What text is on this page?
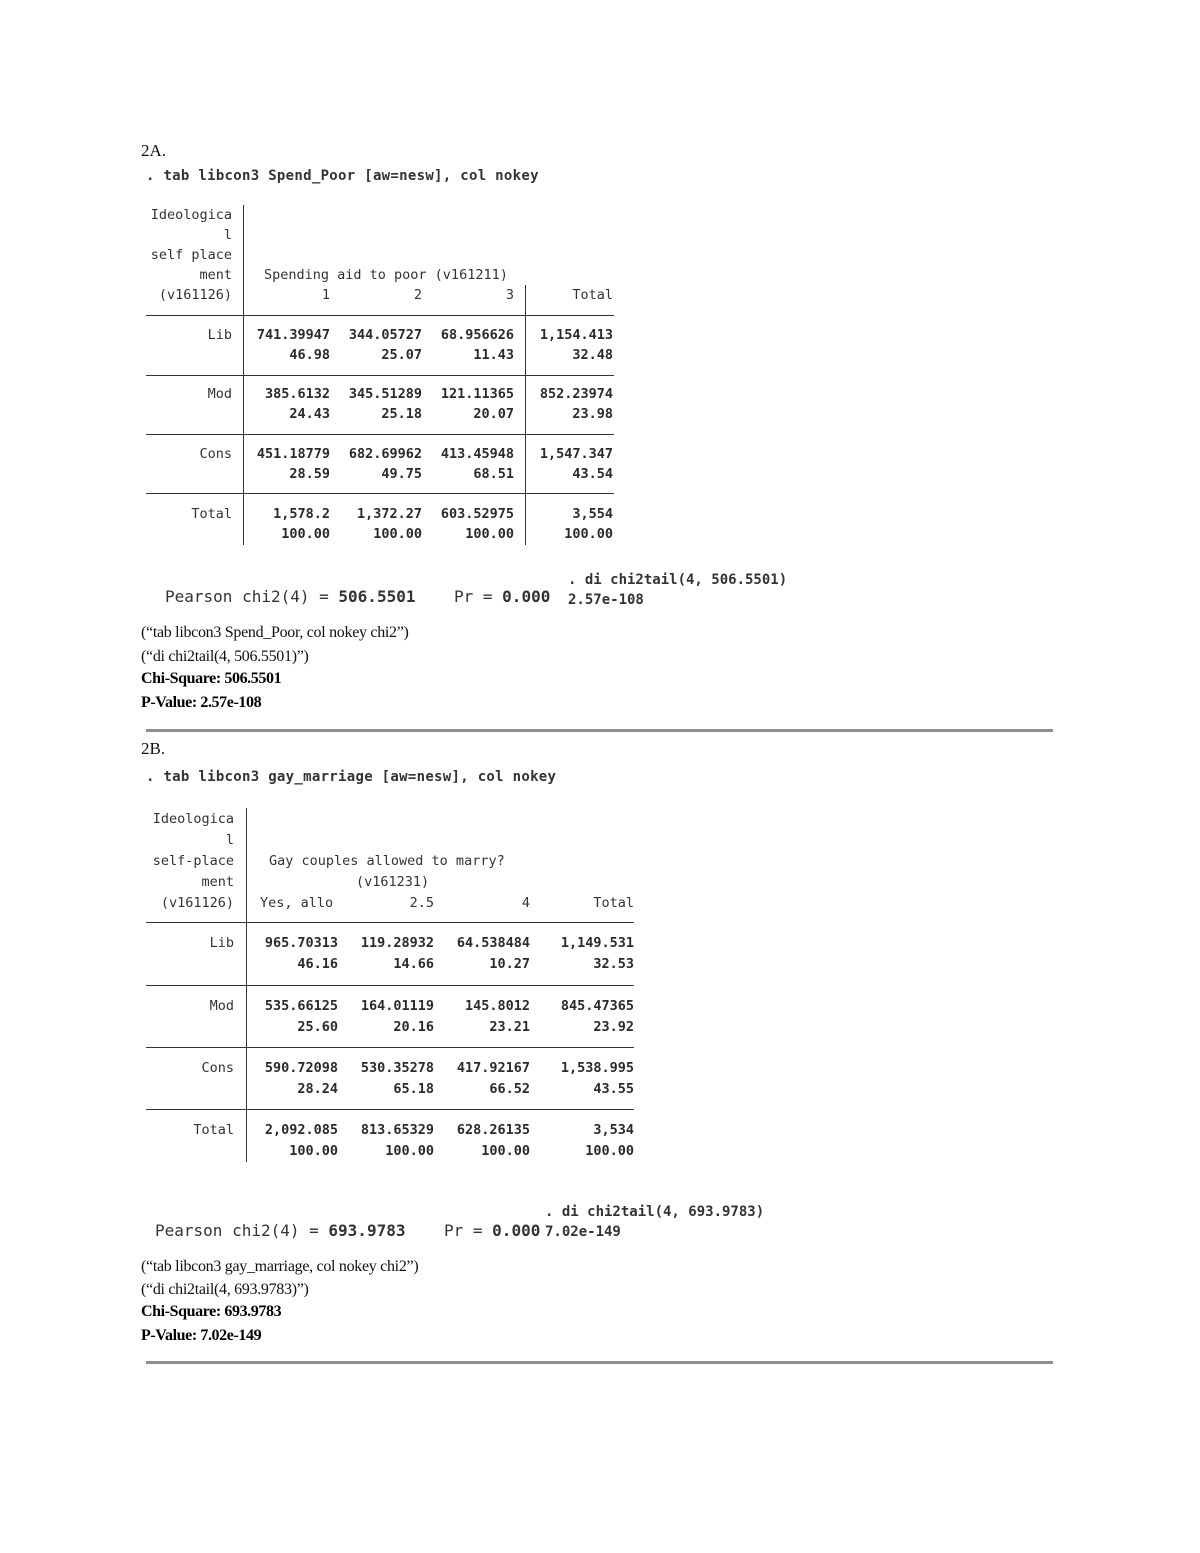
2A.
. tab libcon3 Spend_Poor [aw=nesw], col nokey
Ideologica
l
self place
ment
(v161126)
Spending aid to poor (v161211)
1	2	3	Total
Lib	741.39947	344.05727	68.956626	1,154.413
46.98	25.07	11.43	32.48
Mod	385.6132	345.51289	121.11365	852.23974
24.43	25.18	20.07	23.98
Cons	451.18779	682.69962	413.45948	1,547.347
28.59	49.75	68.51	43.54
Total	1,578.2	1,372.27	603.52975	3,554
100.00	100.00	100.00	100.00
Pearson chi2(4) = 506.5501 Pr = 0.000
. di chi2tail(4, 506.5501)
2.57e-108
(“tab libcon3 Spend_Poor, col nokey chi2”)
(“di chi2tail(4, 506.5501)”)
Chi-Square: 506.5501
P-Value: 2.57e-108
2B.
. tab libcon3 gay_marriage [aw=nesw], col nokey
Ideologica
l
self-place
ment
(v161126)
Gay couples allowed to marry?
(v161231)
Yes, allo	2.5	4	Total
Lib	965.70313	119.28932	64.538484	1,149.531
46.16	14.66	10.27	32.53
Mod	535.66125	164.01119	145.8012	845.47365
25.60	20.16	23.21	23.92
Cons	590.72098	530.35278	417.92167	1,538.995
28.24	65.18	66.52	43.55
Total	2,092.085	813.65329	628.26135	3,534
100.00	100.00	100.00	100.00
Pearson chi2(4) = 693.9783 Pr = 0.000
. di chi2tail(4, 693.9783)
7.02e-149
(“tab libcon3 gay_marriage, col nokey chi2”)
(“di chi2tail(4, 693.9783)”)
Chi-Square: 693.9783
P-Value: 7.02e-149
